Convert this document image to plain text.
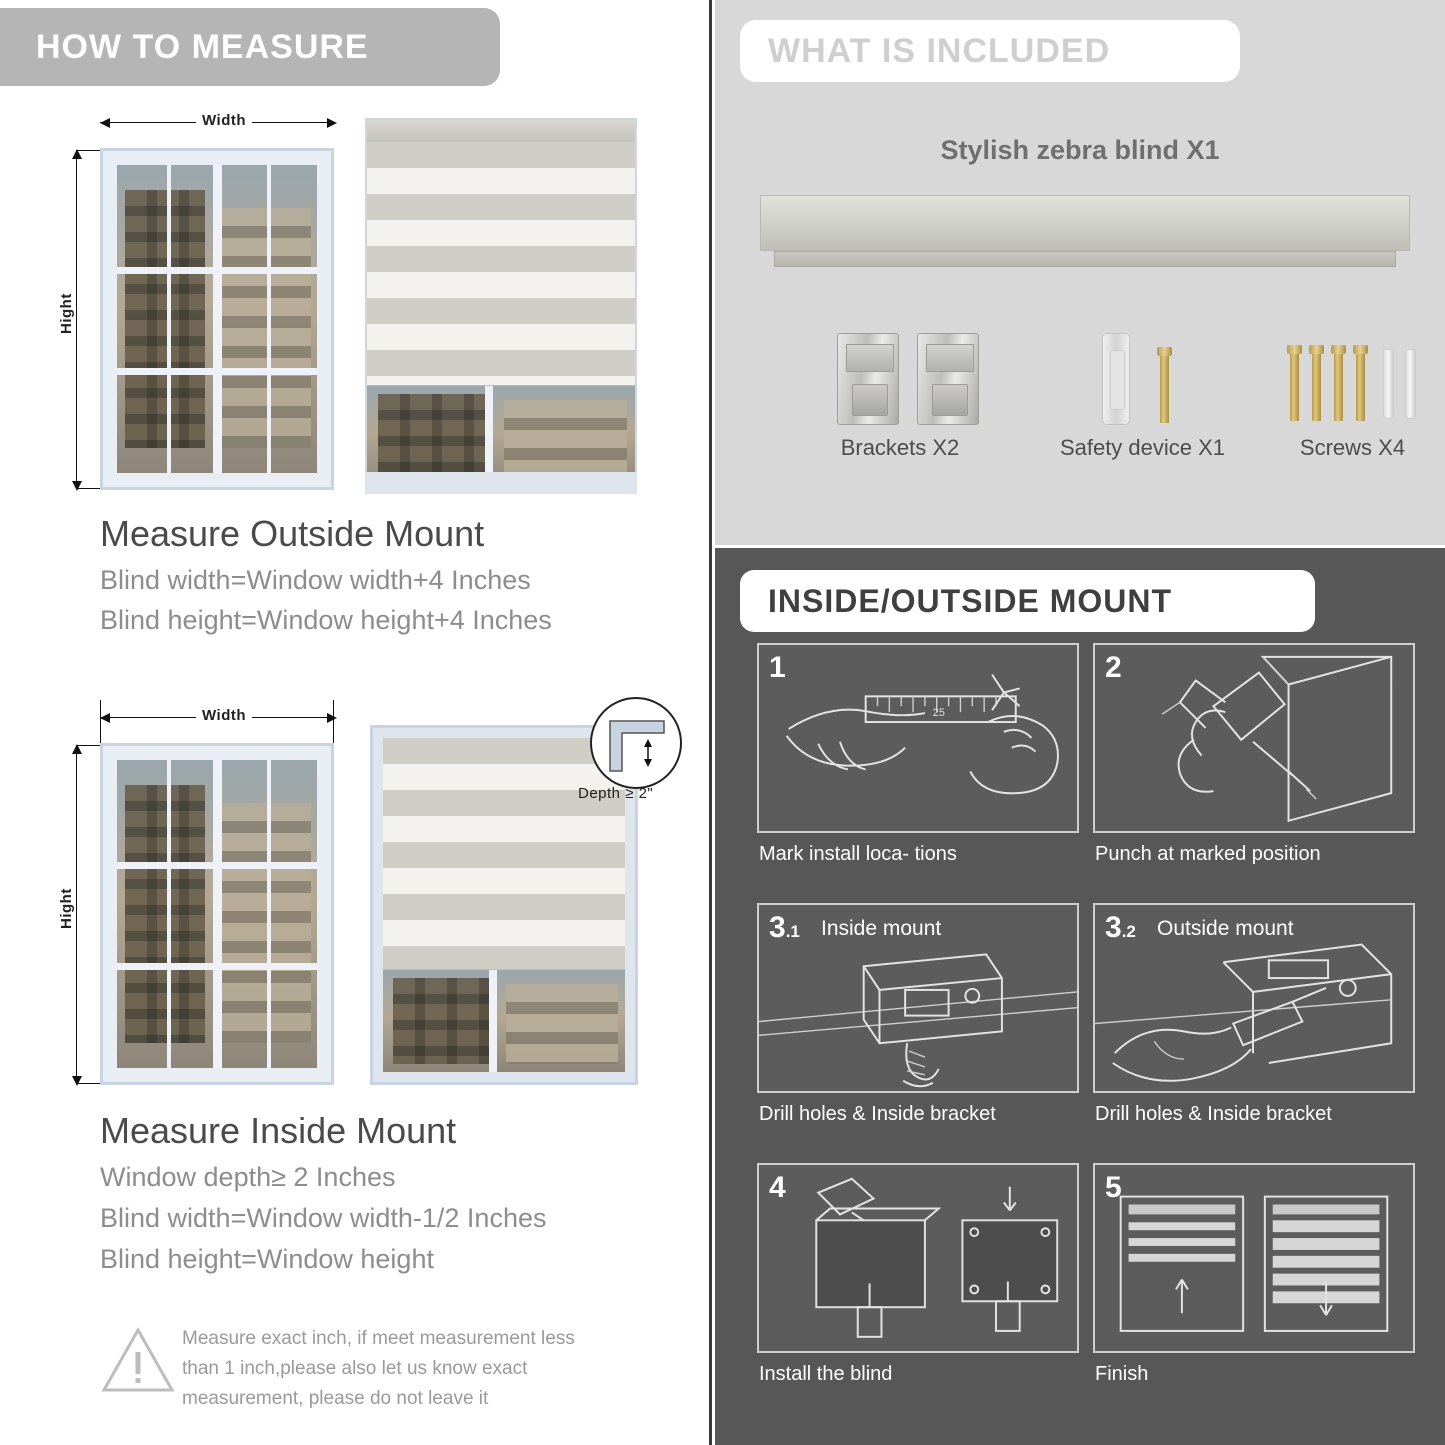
HOW TO MEASURE
Width
Hight
Measure Outside Mount
Blind width=Window width+4 Inches
Blind height=Window height+4 Inches
Width
Hight
Depth ≥ 2"
Measure Inside Mount
Window depth≥ 2 Inches
Blind width=Window width-1/2 Inches
Blind height=Window height
Measure exact inch, if meet measurement less
than 1 inch,please also let us know exact
measurement, please do not leave it
WHAT IS INCLUDED
Stylish zebra blind X1
Brackets X2	Safety device X1	Screws X4
INSIDE/OUTSIDE MOUNT
25
1
Mark install loca- tions
2
Punch at marked position
3.1 Inside mount
Drill holes & Inside bracket
3.2 Outside mount
Drill holes & Inside bracket
4
Install the blind
5
Finish
